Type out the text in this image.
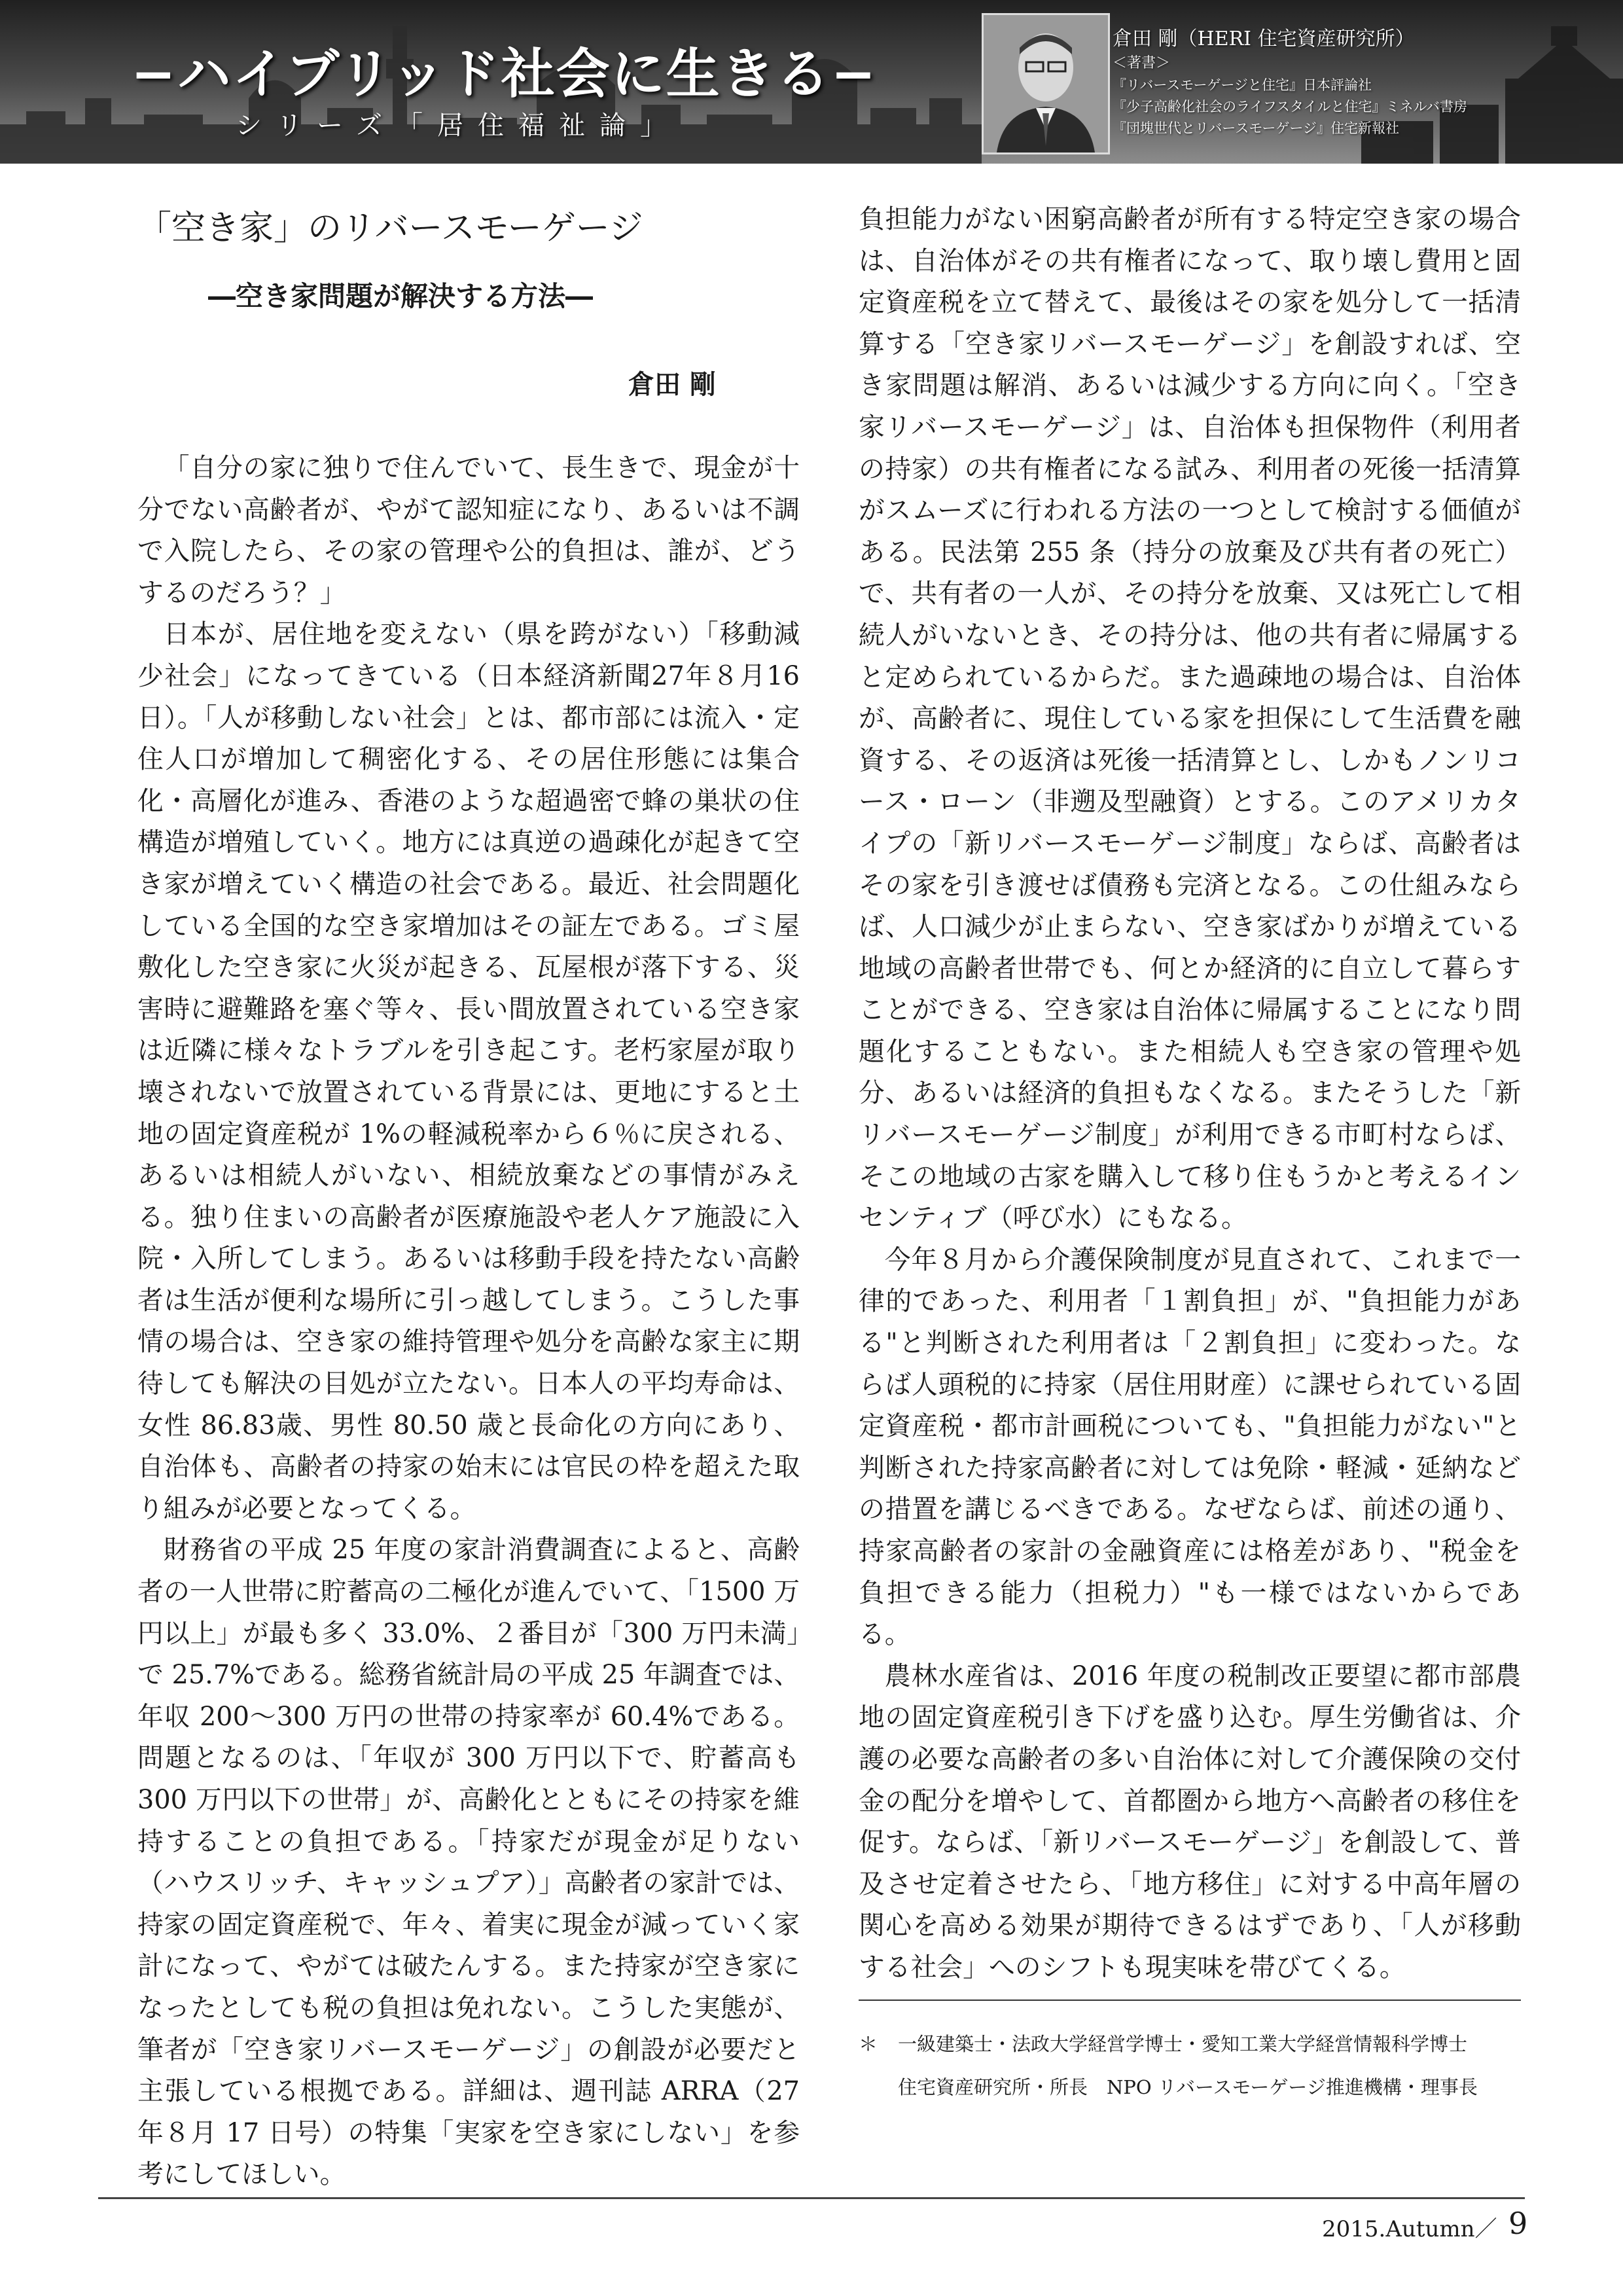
−ハイブリッド社会に生きる−
シリーズ「居住福祉論」
倉田 剛（HERI 住宅資産研究所）
＜著書＞
『リバースモーゲージと住宅』日本評論社
『少子高齢化社会のライフスタイルと住宅』ミネルバ書房
『団塊世代とリバースモーゲージ』住宅新報社
「空き家」のリバースモーゲージ
―空き家問題が解決する方法―
倉田 剛

「自分の家に独りで住んでいて、長生きで、現金が十分でない高齢者が、やがて認知症になり、あるいは不調で入院したら、その家の管理や公的負担は、誰が、どうするのだろう？」

日本が、居住地を変えない（県を跨がない）「移動減少社会」になってきている（日本経済新聞27年８月16日）。「人が移動しない社会」とは、都市部には流入・定住人口が増加して稠密化する、その居住形態には集合化・高層化が進み、香港のような超過密で蜂の巣状の住構造が増殖していく。地方には真逆の過疎化が起きて空き家が増えていく構造の社会である。最近、社会問題化している全国的な空き家増加はその証左である。ゴミ屋敷化した空き家に火災が起きる、瓦屋根が落下する、災害時に避難路を塞ぐ等々、長い間放置されている空き家は近隣に様々なトラブルを引き起こす。老朽家屋が取り壊されないで放置されている背景には、更地にすると土地の固定資産税が 1%の軽減税率から６％に戻される、あるいは相続人がいない、相続放棄などの事情がみえる。独り住まいの高齢者が医療施設や老人ケア施設に入院・入所してしまう。あるいは移動手段を持たない高齢者は生活が便利な場所に引っ越してしまう。こうした事情の場合は、空き家の維持管理や処分を高齢な家主に期待しても解決の目処が立たない。日本人の平均寿命は、女性 86.83歳、男性 80.50 歳と長命化の方向にあり、自治体も、高齢者の持家の始末には官民の枠を超えた取り組みが必要となってくる。

財務省の平成 25 年度の家計消費調査によると、高齢者の一人世帯に貯蓄高の二極化が進んでいて、「1500 万円以上」が最も多く 33.0%、２番目が「300 万円未満」で 25.7%である。総務省統計局の平成 25 年調査では、年収 200〜300 万円の世帯の持家率が 60.4%である。問題となるのは、「年収が 300 万円以下で、貯蓄高も 300 万円以下の世帯」が、高齢化とともにその持家を維持することの負担である。「持家だが現金が足りない（ハウスリッチ、キャッシュプア）」高齢者の家計では、持家の固定資産税で、年々、着実に現金が減っていく家計になって、やがては破たんする。また持家が空き家になったとしても税の負担は免れない。こうした実態が、筆者が「空き家リバースモーゲージ」の創設が必要だと主張している根拠である。詳細は、週刊誌 ARRA（27 年８月 17 日号）の特集「実家を空き家にしない」を参考にしてほしい。

負担能力がない困窮高齢者が所有する特定空き家の場合は、自治体がその共有権者になって、取り壊し費用と固定資産税を立て替えて、最後はその家を処分して一括清算する「空き家リバースモーゲージ」を創設すれば、空き家問題は解消、あるいは減少する方向に向く。「空き家リバースモーゲージ」は、自治体も担保物件（利用者の持家）の共有権者になる試み、利用者の死後一括清算がスムーズに行われる方法の一つとして検討する価値がある。民法第 255 条（持分の放棄及び共有者の死亡）で、共有者の一人が、その持分を放棄、又は死亡して相続人がいないとき、その持分は、他の共有者に帰属すると定められているからだ。また過疎地の場合は、自治体が、高齢者に、現住している家を担保にして生活費を融資する、その返済は死後一括清算とし、しかもノンリコース・ローン（非遡及型融資）とする。このアメリカタイプの「新リバースモーゲージ制度」ならば、高齢者はその家を引き渡せば債務も完済となる。この仕組みならば、人口減少が止まらない、空き家ばかりが増えている地域の高齢者世帯でも、何とか経済的に自立して暮らすことができる、空き家は自治体に帰属することになり問題化することもない。また相続人も空き家の管理や処分、あるいは経済的負担もなくなる。またそうした「新リバースモーゲージ制度」が利用できる市町村ならば、そこの地域の古家を購入して移り住もうかと考えるインセンティブ（呼び水）にもなる。

今年８月から介護保険制度が見直されて、これまで一律的であった、利用者「１割負担」が、"負担能力がある"と判断された利用者は「２割負担」に変わった。ならば人頭税的に持家（居住用財産）に課せられている固定資産税・都市計画税についても、"負担能力がない"と判断された持家高齢者に対しては免除・軽減・延納などの措置を講じるべきである。なぜならば、前述の通り、持家高齢者の家計の金融資産には格差があり、"税金を負担できる能力（担税力）"も一様ではないからである。

農林水産省は、2016 年度の税制改正要望に都市部農地の固定資産税引き下げを盛り込む。厚生労働省は、介護の必要な高齢者の多い自治体に対して介護保険の交付金の配分を増やして、首都圏から地方へ高齢者の移住を促す。ならば、「新リバースモーゲージ」を創設して、普及させ定着させたら、「地方移住」に対する中高年層の関心を高める効果が期待できるはずであり、「人が移動する社会」へのシフトも現実味を帯びてくる。

＊ 一級建築士・法政大学経営学博士・愛知工業大学経営情報科学博士
住宅資産研究所・所長　NPO リバースモーゲージ推進機構・理事長
2015.Autumn／ 9
